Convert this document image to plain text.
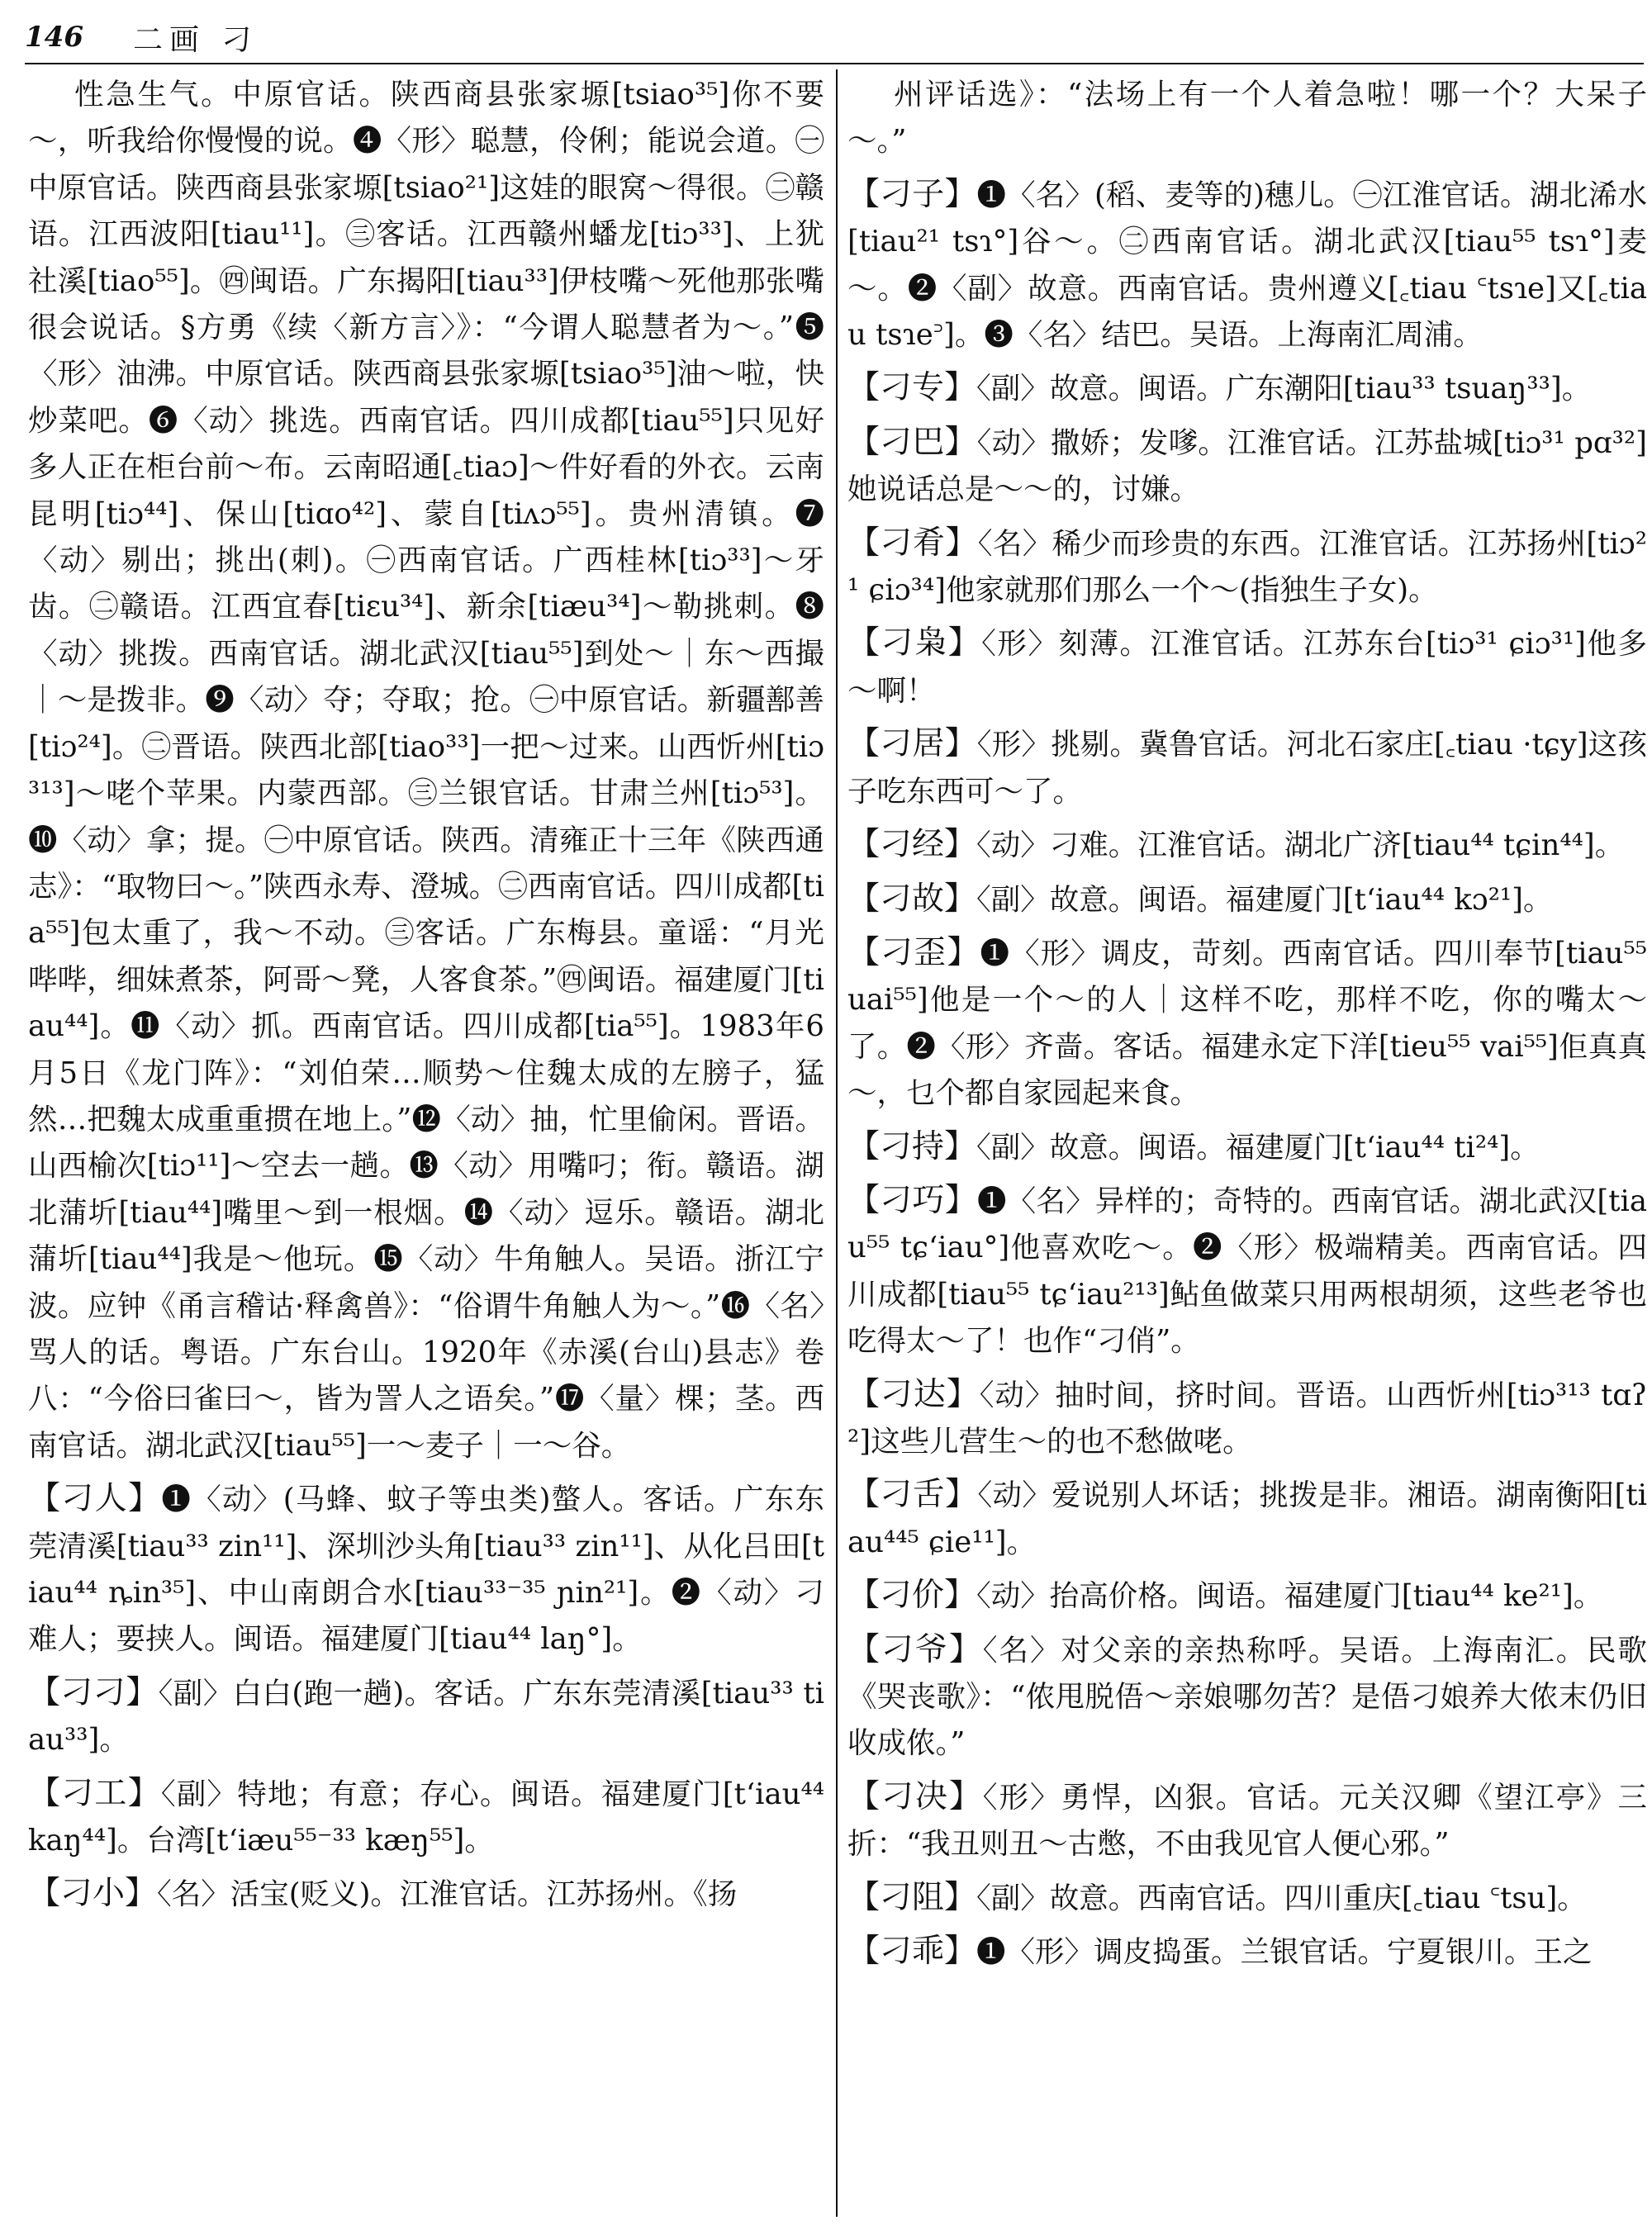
146 二画 刁

性急生气。中原官话。陕西商县张家塬[tsiao³⁵]你不要～，听我给你慢慢的说。❹〈形〉聪慧，伶俐；能说会道。㊀中原官话。陕西商县张家塬[tsiao²¹]这娃的眼窝～得很。㊁赣语。江西波阳[tiau¹¹]。㊂客话。江西赣州蟠龙[tiɔ³³]、上犹社溪[tiao⁵⁵]。㊃闽语。广东揭阳[tiau³³]伊枝嘴～死他那张嘴很会说话。§方勇《续〈新方言〉》：“今谓人聪慧者为～。”❺〈形〉油沸。中原官话。陕西商县张家塬[tsiao³⁵]油～啦，快炒菜吧。❻〈动〉挑选。西南官话。四川成都[tiau⁵⁵]只见好多人正在柜台前～布。云南昭通[꜀tiaɔ]～件好看的外衣。云南昆明[tiɔ⁴⁴]、保山[tiɑo⁴²]、蒙自[tiʌɔ⁵⁵]。贵州清镇。❼〈动〉剔出；挑出(刺)。㊀西南官话。广西桂林[tiɔ³³]～牙齿。㊁赣语。江西宜春[tiɛu³⁴]、新余[tiæu³⁴]～勒挑刺。❽〈动〉挑拨。西南官话。湖北武汉[tiau⁵⁵]到处～｜东～西撮｜～是拨非。❾〈动〉夺；夺取；抢。㊀中原官话。新疆鄯善[tiɔ²⁴]。㊁晋语。陕西北部[tiao³³]一把～过来。山西忻州[tiɔ³¹³]～咾个苹果。内蒙西部。㊂兰银官话。甘肃兰州[tiɔ⁵³]。❿〈动〉拿；提。㊀中原官话。陕西。清雍正十三年《陕西通志》：“取物曰～。”陕西永寿、澄城。㊁西南官话。四川成都[tia⁵⁵]包太重了，我～不动。㊂客话。广东梅县。童谣：“月光哔哔，细妹煮茶，阿哥～凳，人客食茶。”㊃闽语。福建厦门[tiau⁴⁴]。⓫〈动〉抓。西南官话。四川成都[tia⁵⁵]。1983年6月5日《龙门阵》：“刘伯荣…顺势～住魏太成的左膀子，猛然…把魏太成重重掼在地上。”⓬〈动〉抽，忙里偷闲。晋语。山西榆次[tiɔ¹¹]～空去一趟。⓭〈动〉用嘴叼；衔。赣语。湖北蒲圻[tiau⁴⁴]嘴里～到一根烟。⓮〈动〉逗乐。赣语。湖北蒲圻[tiau⁴⁴]我是～他玩。⓯〈动〉牛角触人。吴语。浙江宁波。应钟《甬言稽诂·释禽兽》：“俗谓牛角触人为～。”⓰〈名〉骂人的话。粤语。广东台山。1920年《赤溪(台山)县志》卷八：“今俗曰雀曰～，皆为詈人之语矣。”⓱〈量〉棵；茎。西南官话。湖北武汉[tiau⁵⁵]一～麦子｜一～谷。

【刁人】❶〈动〉(马蜂、蚊子等虫类)螫人。客话。广东东莞清溪[tiau³³ zin¹¹]、深圳沙头角[tiau³³ zin¹¹]、从化吕田[tiau⁴⁴ ȵin³⁵]、中山南朗合水[tiau³³⁻³⁵ ɲin²¹]。❷〈动〉刁难人；要挟人。闽语。福建厦门[tiau⁴⁴ laŋ°]。

【刁刁】〈副〉白白(跑一趟)。客话。广东东莞清溪[tiau³³ tiau³³]。

【刁工】〈副〉特地；有意；存心。闽语。福建厦门[tʻiau⁴⁴ kaŋ⁴⁴]。台湾[tʻiæu⁵⁵⁻³³ kæŋ⁵⁵]。

【刁小】〈名〉活宝(贬义)。江淮官话。江苏扬州。《扬

州评话选》：“法场上有一个人着急啦！哪一个？大呆子～。”

【刁子】❶〈名〉(稻、麦等的)穗儿。㊀江淮官话。湖北浠水[tiau²¹ tsɿ°]谷～。㊁西南官话。湖北武汉[tiau⁵⁵ tsɿ°]麦～。❷〈副〉故意。西南官话。贵州遵义[꜀tiau ꜂tsɿe]又[꜀tiau tsɿe꜄]。❸〈名〉结巴。吴语。上海南汇周浦。

【刁专】〈副〉故意。闽语。广东潮阳[tiau³³ tsuaŋ³³]。

【刁巴】〈动〉撒娇；发嗲。江淮官话。江苏盐城[tiɔ³¹ pɑ³²]她说话总是～～的，讨嫌。

【刁肴】〈名〉稀少而珍贵的东西。江淮官话。江苏扬州[tiɔ²¹ ɕiɔ³⁴]他家就那们那么一个～(指独生子女)。

【刁枭】〈形〉刻薄。江淮官话。江苏东台[tiɔ³¹ ɕiɔ³¹]他多～啊！

【刁居】〈形〉挑剔。冀鲁官话。河北石家庄[꜀tiau ·tɕy]这孩子吃东西可～了。

【刁经】〈动〉刁难。江淮官话。湖北广济[tiau⁴⁴ tɕin⁴⁴]。

【刁故】〈副〉故意。闽语。福建厦门[tʻiau⁴⁴ kɔ²¹]。

【刁歪】❶〈形〉调皮，苛刻。西南官话。四川奉节[tiau⁵⁵ uai⁵⁵]他是一个～的人｜这样不吃，那样不吃，你的嘴太～了。❷〈形〉齐啬。客话。福建永定下洋[tieu⁵⁵ vai⁵⁵]佢真真～，乜个都自家园起来食。

【刁持】〈副〉故意。闽语。福建厦门[tʻiau⁴⁴ ti²⁴]。

【刁巧】❶〈名〉异样的；奇特的。西南官话。湖北武汉[tiau⁵⁵ tɕʻiau°]他喜欢吃～。❷〈形〉极端精美。西南官话。四川成都[tiau⁵⁵ tɕʻiau²¹³]鲇鱼做菜只用两根胡须，这些老爷也吃得太～了！也作“刁俏”。

【刁达】〈动〉抽时间，挤时间。晋语。山西忻州[tiɔ³¹³ tɑʔ²]这些儿营生～的也不愁做咾。

【刁舌】〈动〉爱说别人坏话；挑拨是非。湘语。湖南衡阳[tiau⁴⁴⁵ ɕie¹¹]。

【刁价】〈动〉抬高价格。闽语。福建厦门[tiau⁴⁴ ke²¹]。

【刁爷】〈名〉对父亲的亲热称呼。吴语。上海南汇。民歌《哭丧歌》：“侬甩脱俉～亲娘哪勿苦？是俉刁娘养大侬末仍旧收成侬。”

【刁决】〈形〉勇悍，凶狠。官话。元关汉卿《望江亭》三折：“我丑则丑～古憋，不由我见官人便心邪。”

【刁阻】〈副〉故意。西南官话。四川重庆[꜀tiau ꜂tsu]。

【刁乖】❶〈形〉调皮捣蛋。兰银官话。宁夏银川。王之
